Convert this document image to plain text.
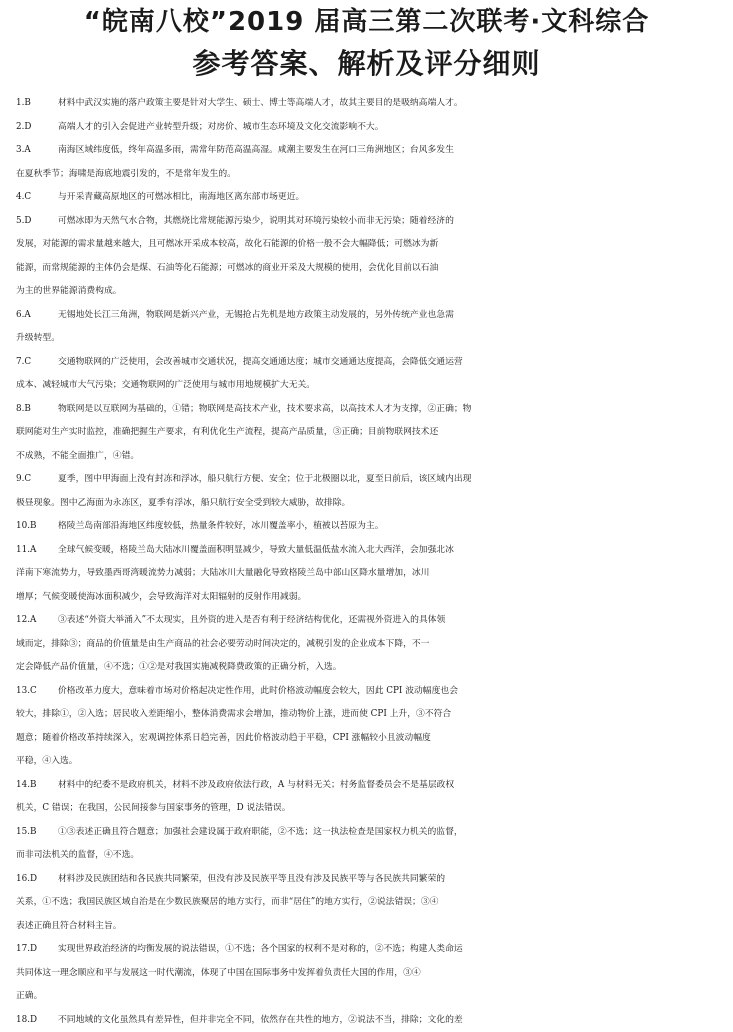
“皖南八校”2019 届高三第二次联考·文科综合
参考答案、解析及评分细则
1.B	材料中武汉实施的落户政策主要是针对大学生、硕士、博士等高端人才，故其主要目的是吸纳高端人才。
2.D	高端人才的引入会促进产业转型升级；对房价、城市生态环境及文化交流影响不大。
3.A	南海区域纬度低，终年高温多雨，需常年防范高温高湿。咸潮主要发生在河口三角洲地区；台风多发生
在夏秋季节；海啸是海底地震引发的，不是常年发生的。
4.C	与开采青藏高原地区的可燃冰相比，南海地区离东部市场更近。
5.D	可燃冰即为天然气水合物，其燃烧比常规能源污染少，说明其对环境污染较小而非无污染；随着经济的
发展，对能源的需求量越来越大，且可燃冰开采成本较高，故化石能源的价格一般不会大幅降低；可燃冰为新
能源，而常规能源的主体仍会是煤、石油等化石能源；可燃冰的商业开采及大规模的使用，会优化目前以石油
为主的世界能源消费构成。
6.A	无锡地处长江三角洲，物联网是新兴产业，无锡抢占先机是地方政策主动发展的，另外传统产业也急需
升级转型。
7.C	交通物联网的广泛使用，会改善城市交通状况，提高交通通达度；城市交通通达度提高，会降低交通运营
成本、减轻城市大气污染；交通物联网的广泛使用与城市用地规模扩大无关。
8.B	物联网是以互联网为基础的，①错；物联网是高技术产业，技术要求高，以高技术人才为支撑，②正确；物
联网能对生产实时监控，准确把握生产要求，有利优化生产流程，提高产品质量，③正确；目前物联网技术还
不成熟，不能全面推广，④错。
9.C	夏季，图中甲海面上没有封冻和浮冰，船只航行方便、安全；位于北极圈以北，夏至日前后，该区域内出现
极昼现象。图中乙海面为永冻区，夏季有浮冰，船只航行安全受到较大威胁，故排除。
10.B 格陵兰岛南部沿海地区纬度较低，热量条件较好，冰川覆盖率小，植被以苔原为主。
11.A 全球气候变暖，格陵兰岛大陆冰川覆盖面积明显减少，导致大量低温低盐水流入北大西洋，会加强北冰
洋南下寒流势力，导致墨西哥湾暖流势力减弱；大陆冰川大量融化导致格陵兰岛中部山区降水量增加，冰川
增厚；气候变暖使海冰面积减少，会导致海洋对太阳辐射的反射作用减弱。
12.A ③表述“外资大举涌入”不太现实，且外资的进入是否有利于经济结构优化，还需视外资进入的具体领
域而定，排除③；商品的价值量是由生产商品的社会必要劳动时间决定的，减税引发的企业成本下降，不一
定会降低产品价值量，④不选；①②是对我国实施减税降费政策的正确分析，入选。
13.C 价格改革力度大，意味着市场对价格起决定性作用，此时价格波动幅度会较大，因此 CPI 波动幅度也会
较大，排除①，②入选；居民收入差距缩小，整体消费需求会增加，推动物价上涨，进而使 CPI 上升，③不符合
题意；随着价格改革持续深入，宏观调控体系日趋完善，因此价格波动趋于平稳，CPI 涨幅较小且波动幅度
平稳，④入选。
14.B 材料中的纪委不是政府机关，材料不涉及政府依法行政，A 与材料无关；村务监督委员会不是基层政权
机关，C 错误；在我国，公民间接参与国家事务的管理，D 说法错误。
15.B ①③表述正确且符合题意；加强社会建设属于政府职能，②不选；这一执法检查是国家权力机关的监督，
而非司法机关的监督，④不选。
16.D 材料涉及民族团结和各民族共同繁荣，但没有涉及民族平等且没有涉及民族平等与各民族共同繁荣的
关系，①不选；我国民族区域自治是在少数民族聚居的地方实行，而非“居住”的地方实行，②说法错误；③④
表述正确且符合材料主旨。
17.D 实现世界政治经济的均衡发展的说法错误，①不选；各个国家的权利不是对称的，②不选；构建人类命运
共同体这一理念顺应和平与发展这一时代潮流，体现了中国在国际事务中发挥着负责任大国的作用，③④
正确。
18.D 不同地域的文化虽然具有差异性，但并非完全不同，依然存在共性的地方，②说法不当，排除；文化的差
